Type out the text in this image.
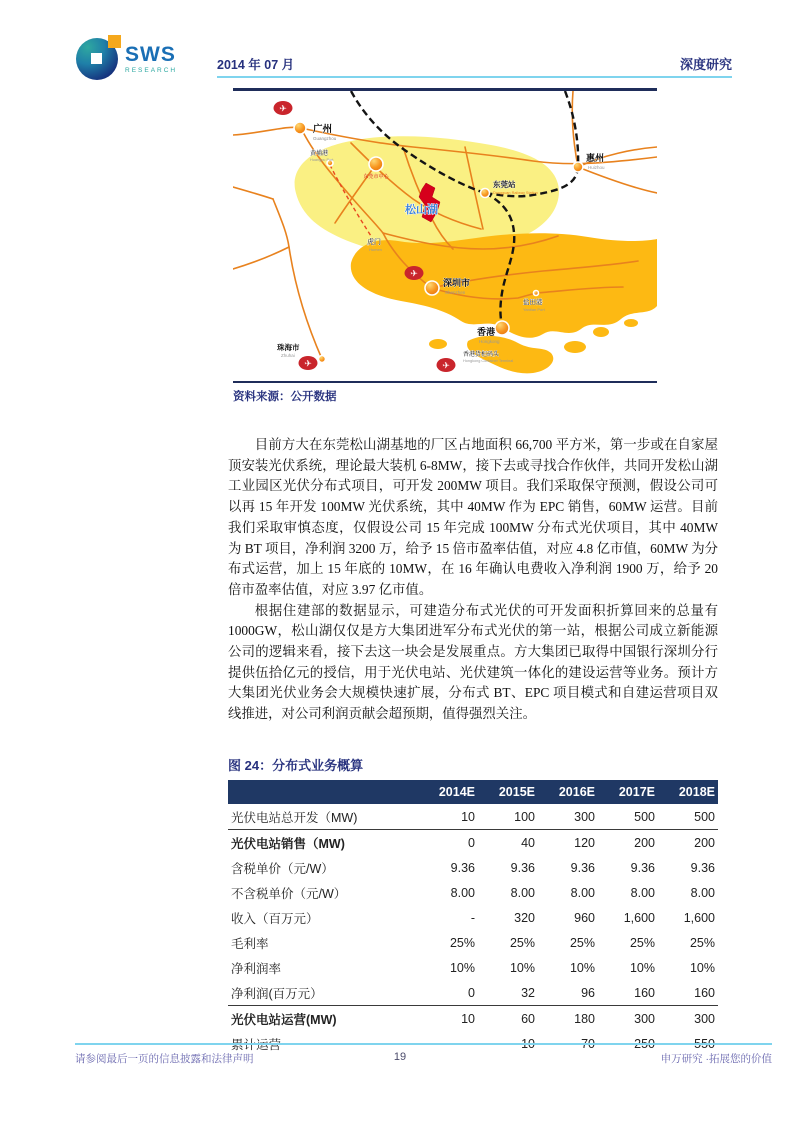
SWS
RESEARCH	2014 年 07 月	深度研究
✈
✈
✈	✈
广州
Guangzhou
黄埔港
Huangpu Port
东莞市中心
东莞站
Dongguan Railway Station
惠州
Huizhou
松山湖
虎门
Humen
深圳市
Shenzhen
盐田港
Yantian Port
香港
Hongkong
香港货柜码头
Hongkong Container Terminal
珠海市
Zhuhai
资料来源：公开数据

目前方大在东莞松山湖基地的厂区占地面积 66,700 平方米，第一步或在自家屋顶安装光伏系统，理论最大装机 6-8MW，接下去或寻找合作伙伴，共同开发松山湖工业园区光伏分布式项目，可开发 200MW 项目。我们采取保守预测，假设公司可以再 15 年开发 100MW 光伏系统，其中 40MW 作为 EPC 销售，60MW 运营。目前我们采取审慎态度，仅假设公司 15 年完成 100MW 分布式光伏项目，其中 40MW 为 BT 项目，净利润 3200 万，给予 15 倍市盈率估值，对应 4.8 亿市值，60MW 为分布式运营，加上 15 年底的 10MW，在 16 年确认电费收入净利润 1900 万，给予 20 倍市盈率估值，对应 3.97 亿市值。

根据住建部的数据显示，可建造分布式光伏的可开发面积折算回来的总量有 1000GW，松山湖仅仅是方大集团进军分布式光伏的第一站，根据公司成立新能源公司的逻辑来看，接下去这一块会是发展重点。方大集团已取得中国银行深圳分行提供伍拾亿元的授信，用于光伏电站、光伏建筑一体化的建设运营等业务。预计方大集团光伏业务会大规模快速扩展，分布式 BT、EPC 项目模式和自建运营项目双线推进，对公司利润贡献会超预期，值得强烈关注。

图 24：分布式业务概算
	2014E	2015E	2016E	2017E	2018E
光伏电站总开发（MW)	10	100	300	500	500
光伏电站销售（MW)	0	40	120	200	200
含税单价（元/W）	9.36	9.36	9.36	9.36	9.36
不含税单价（元/W）	8.00	8.00	8.00	8.00	8.00
收入（百万元）	-	320	960	1,600	1,600
毛利率	25%	25%	25%	25%	25%
净利润率	10%	10%	10%	10%	10%
净利润(百万元）	0	32	96	160	160
光伏电站运营(MW)	10	60	180	300	300
累计运营		10	70	250	550
请参阅最后一页的信息披露和法律声明	19	申万研究 ·拓展您的价值
